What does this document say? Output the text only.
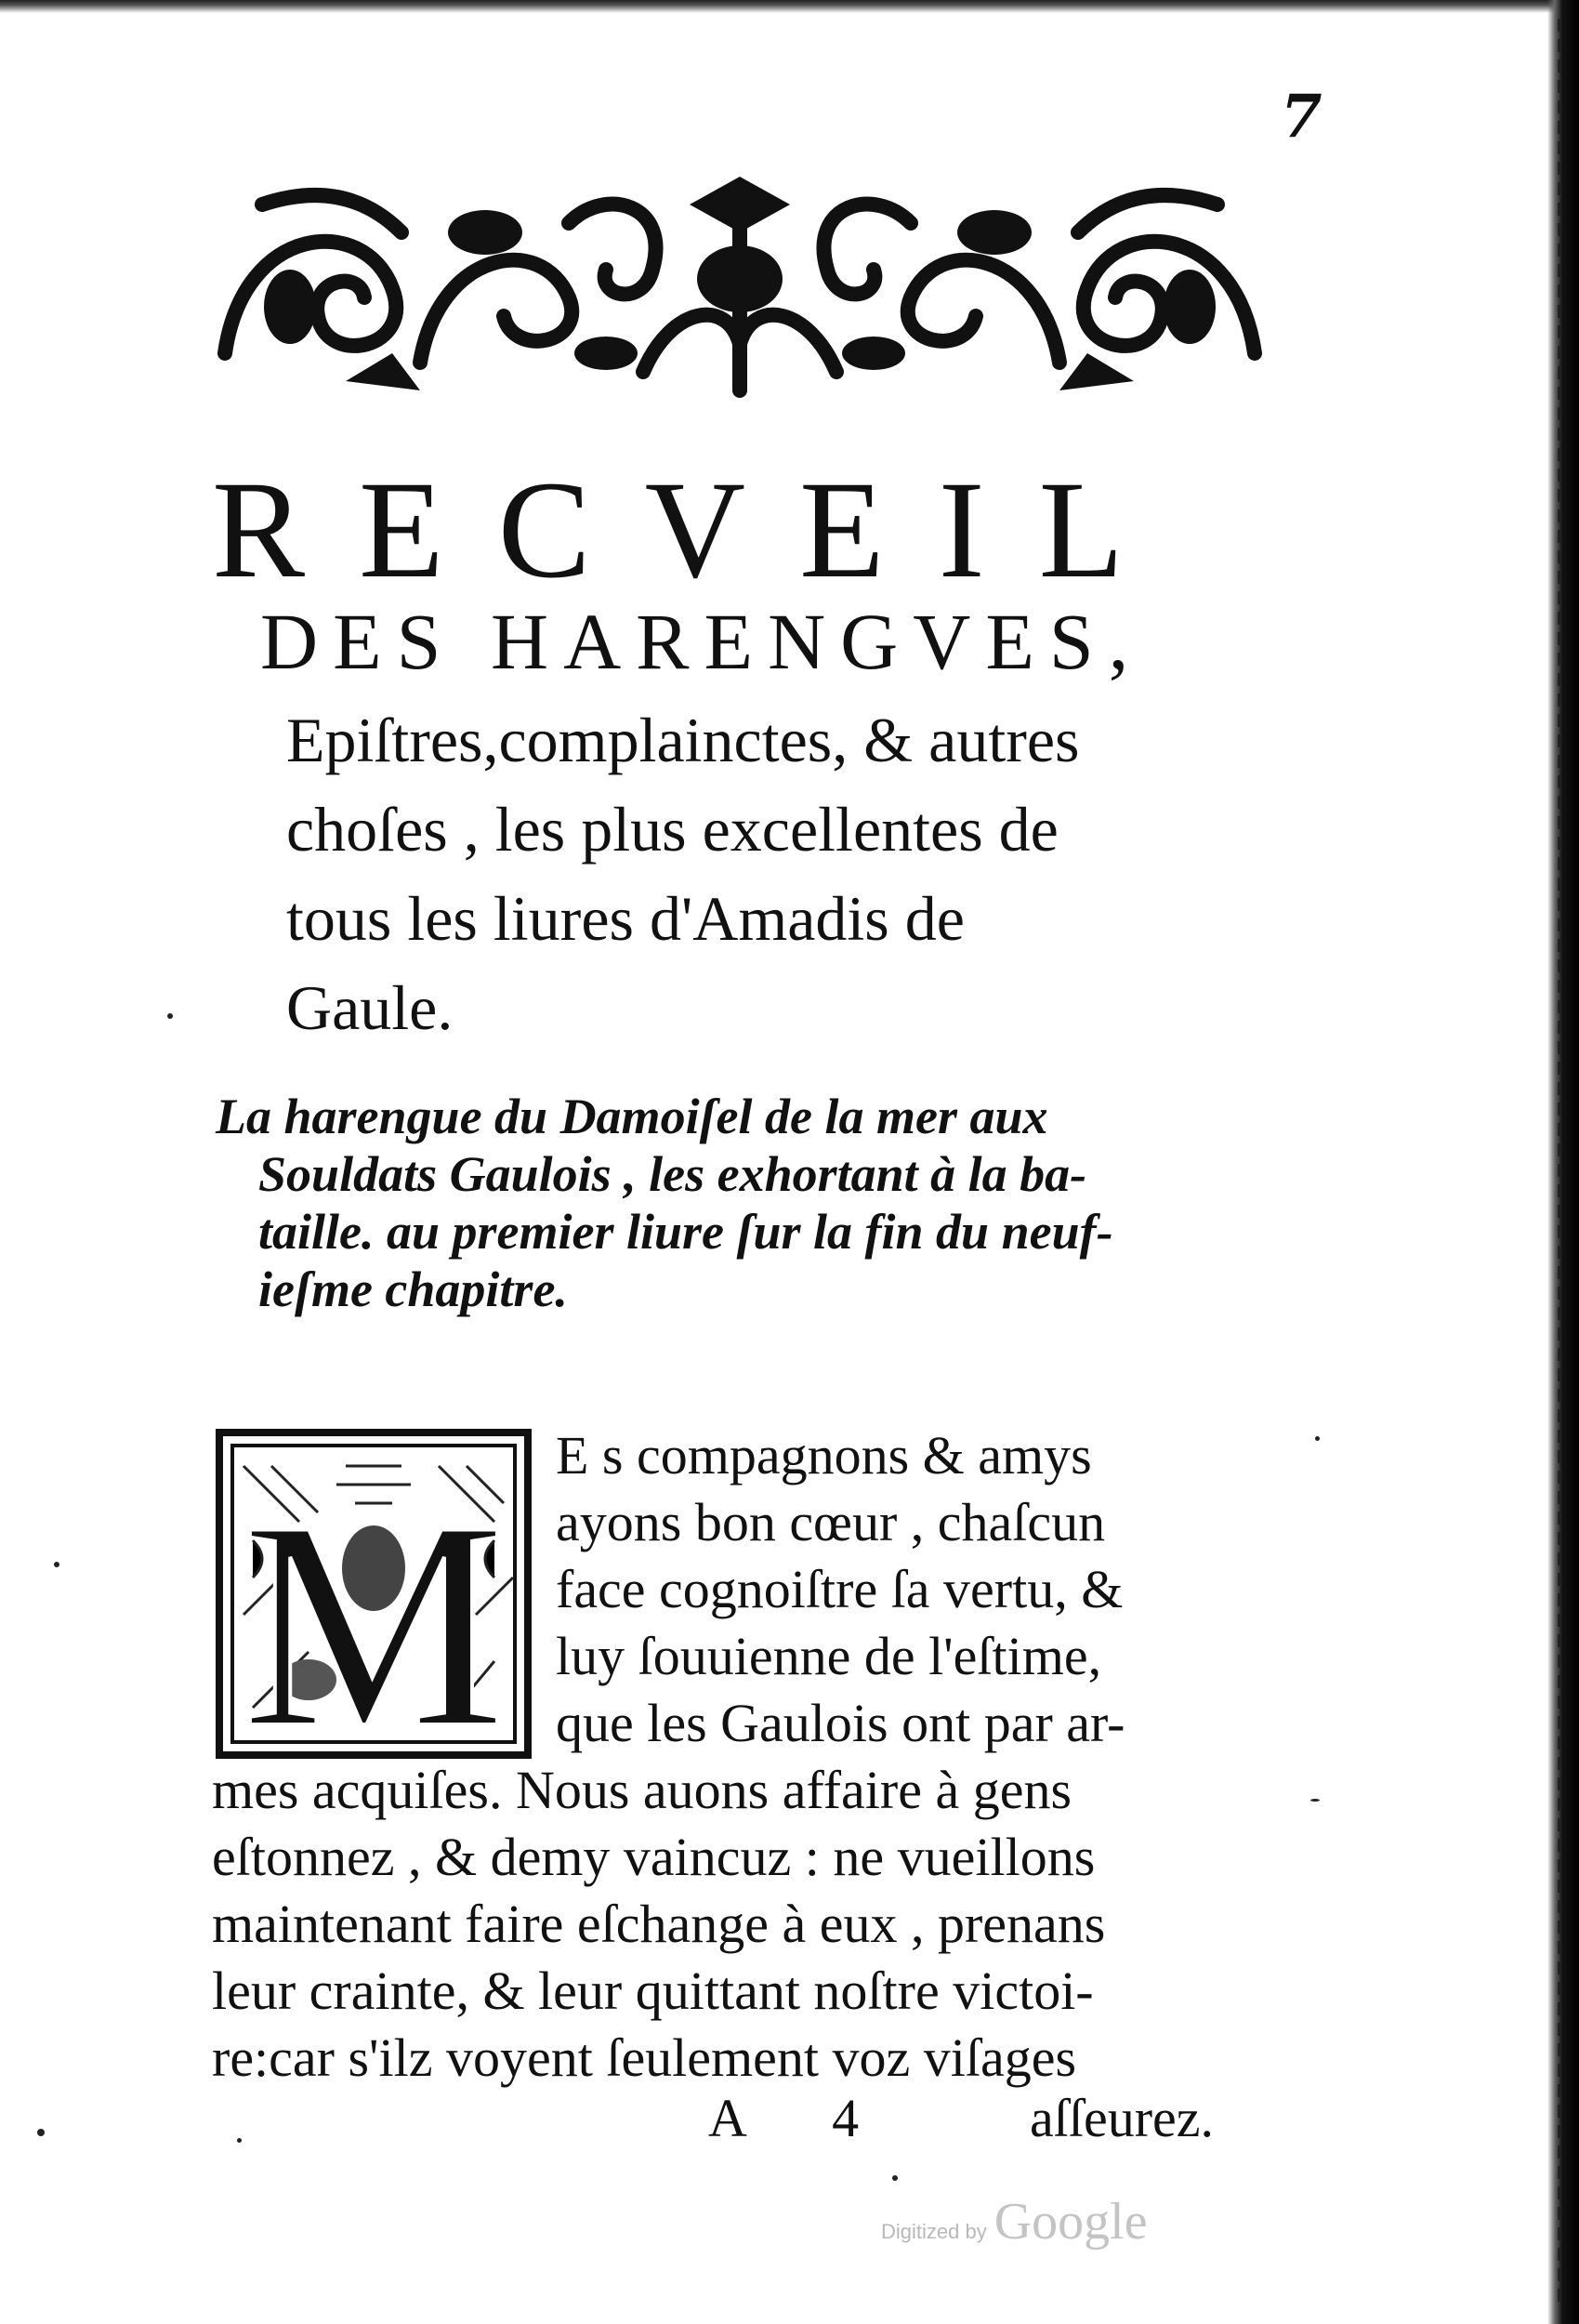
7
RECVEIL
DES HARENGVES,
Epiſtres,complainctes, & autres
choſes , les plus excellentes de
tous les liures d'Amadis de
Gaule.
La harengue du Damoiſel de la mer aux
Souldats Gaulois , les exhortant à la ba-
taille. au premier liure ſur la fin du neuf-
ieſme chapitre.
M
E s compagnons & amys
ayons bon cœur , chaſcun
face cognoiſtre ſa vertu, &
luy ſouuienne de l'eſtime,
que les Gaulois ont par ar-
mes acquiſes. Nous auons affaire à gens
eſtonnez , & demy vaincuz : ne vueillons
maintenant faire eſchange à eux , prenans
leur crainte, & leur quittant noſtre victoi-
re:car s'ilz voyent ſeulement voz viſages
A 4 aſſeurez.
Digitized by Google
